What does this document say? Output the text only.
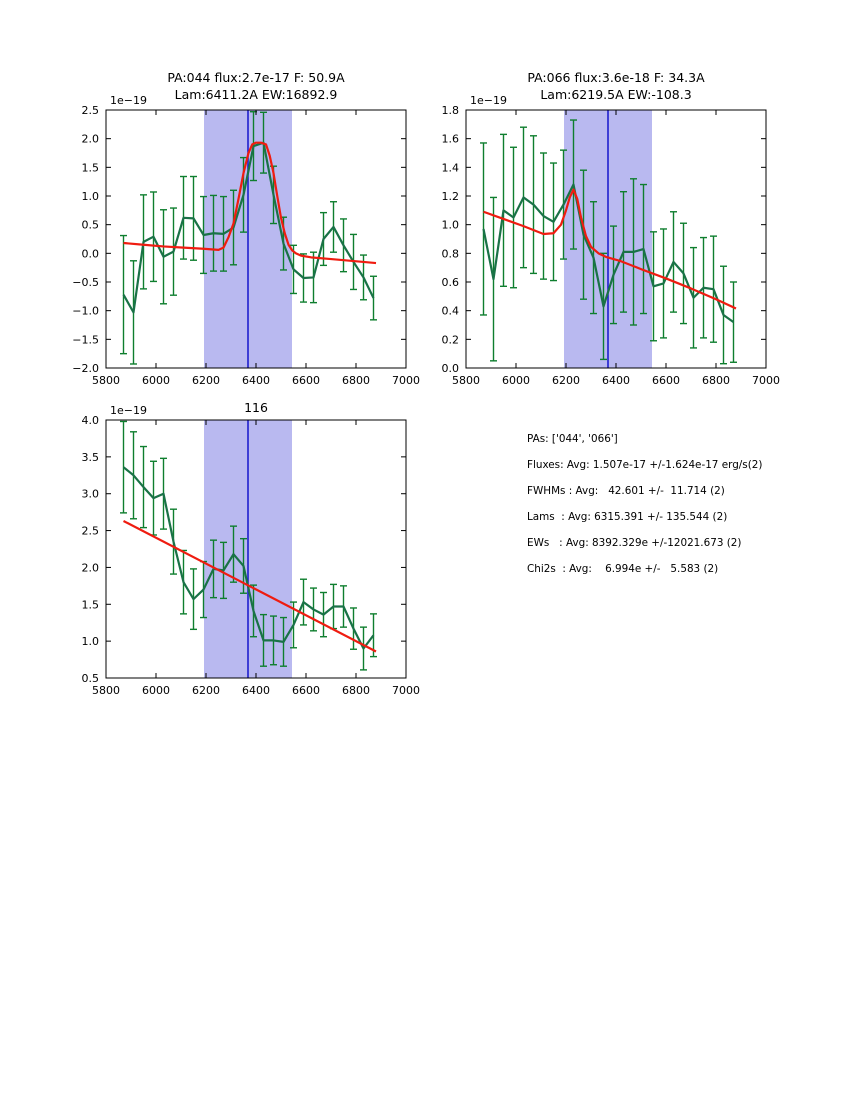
PA:044 flux:2.7e-17 F: 50.9A
Lam:6411.2A EW:16892.9
PA:066 flux:3.6e-18 F: 34.3A
Lam:6219.5A EW:-108.3
116
1e−19	1e−19
1e−19
5800 6000 6200 6400 6600 6800 7000
−2.0
−1.5
−1.0
−0.5
0.0
0.5
1.0
1.5
2.0
2.5
5800 6000 6200 6400 6600 6800 7000
0.0
0.2
0.4
0.6
0.8
1.0
1.2
1.4
1.6
1.8
5800 6000 6200 6400 6600 6800 7000
0.5
1.0
1.5
2.0
2.5
3.0
3.5
4.0
PAs: ['044', '066']
Fluxes: Avg: 1.507e-17 +/-1.624e-17 erg/s(2)
FWHMs : Avg:   42.601 +/-  11.714 (2)
Lams  : Avg: 6315.391 +/- 135.544 (2)
EWs   : Avg: 8392.329e +/-12021.673 (2)
Chi2s  : Avg:    6.994e +/-   5.583 (2)
